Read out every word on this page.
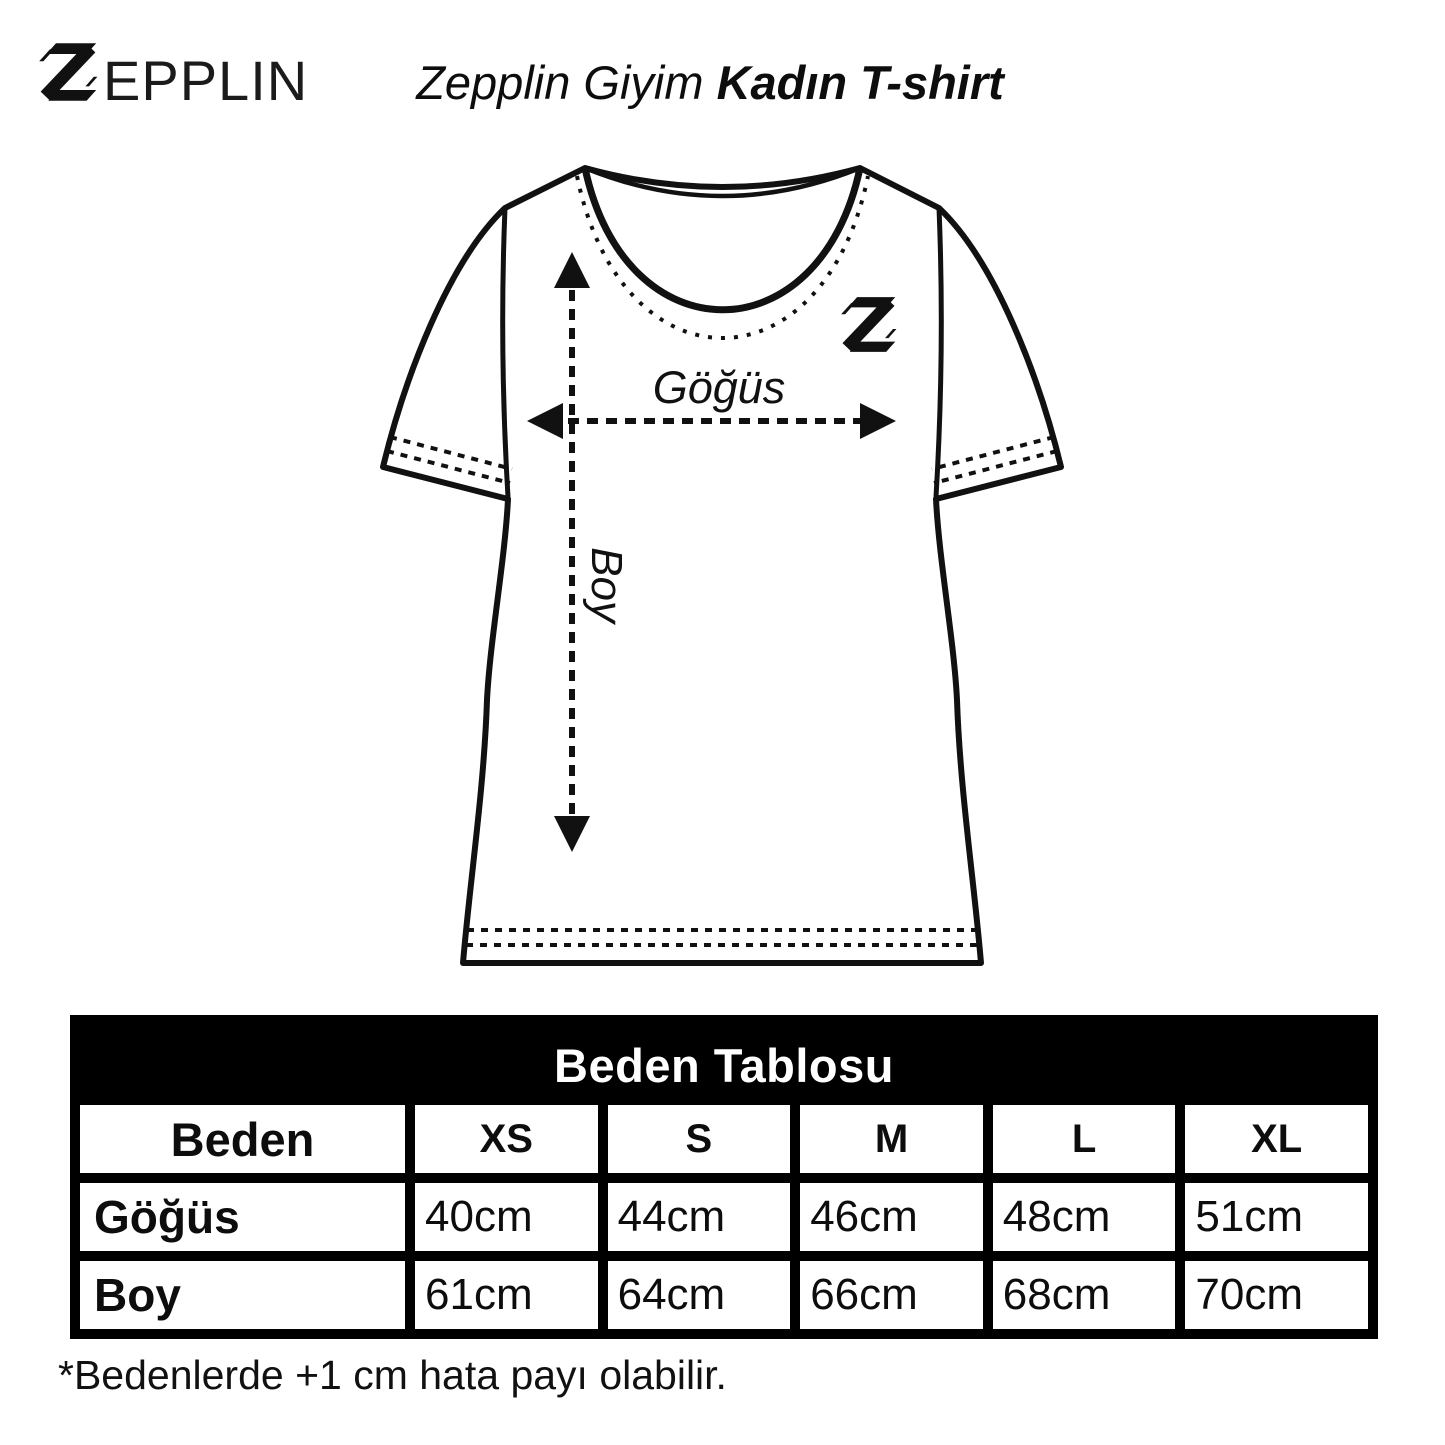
EPPLIN Zepplin Giyim Kadın T-shirt
Göğüs
Boy
Beden Tablosu
Beden	XS	S	M	L	XL
Göğüs	40cm	44cm	46cm	48cm	51cm
Boy	61cm	64cm	66cm	68cm	70cm

*Bedenlerde +1 cm hata payı olabilir.
